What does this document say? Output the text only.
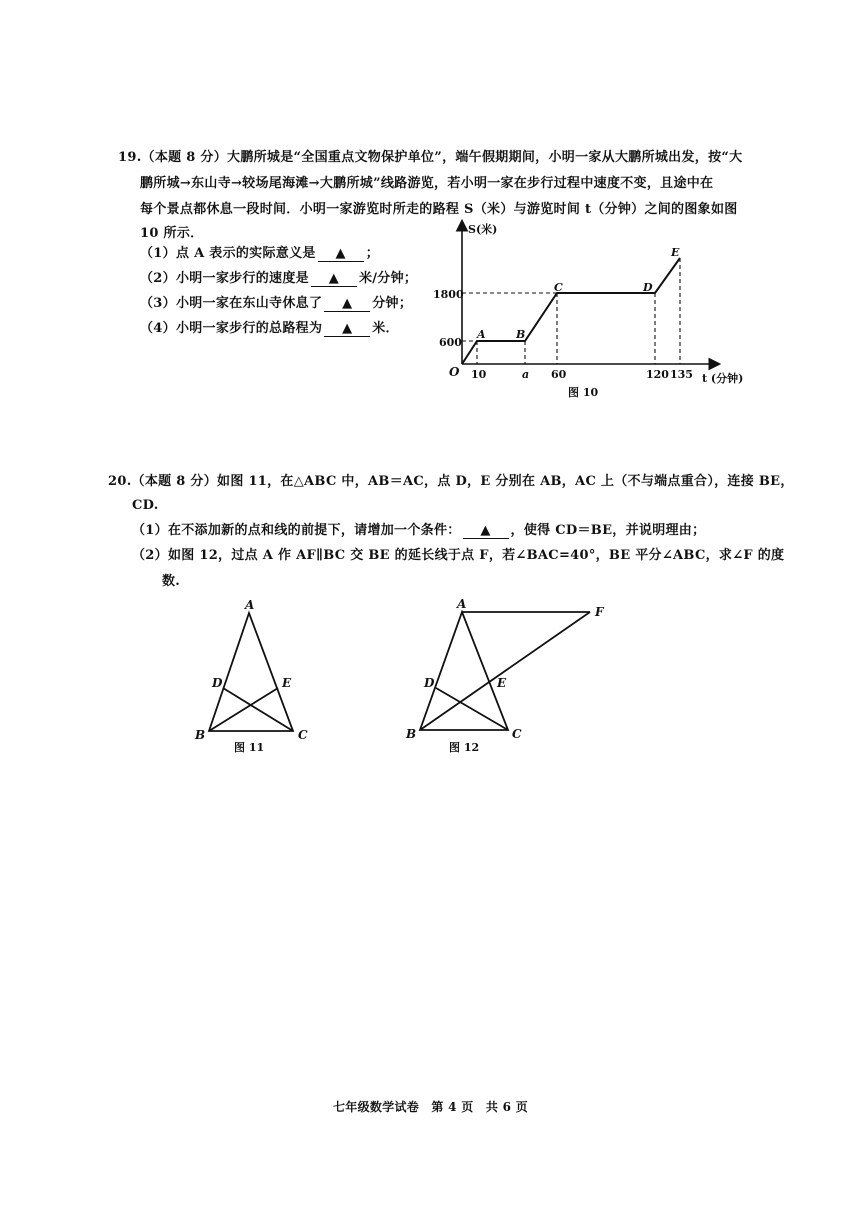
19.（本题 8 分）大鹏所城是“全国重点文物保护单位”，端午假期期间，小明一家从大鹏所城出发，按“大
鹏所城→东山寺→较场尾海滩→大鹏所城”线路游览，若小明一家在步行过程中速度不变，且途中在
每个景点都休息一段时间．小明一家游览时所走的路程 S（米）与游览时间 t（分钟）之间的图象如图
10 所示．
（1）点 A 表示的实际意义是 ▲ ；
（2）小明一家步行的速度是 ▲ 米/分钟；
（3）小明一家在东山寺休息了 ▲ 分钟；
（4）小明一家步行的总路程为 ▲ 米．
S(米)
t (分钟)
O
1800
600
10	a 60	120 135
A	B
C	D
E
图 10
20.（本题 8 分）如图 11，在△ABC 中，AB＝AC，点 D，E 分别在 AB，AC 上（不与端点重合），连接 BE，
CD.
（1）在不添加新的点和线的前提下，请增加一个条件： ▲ ，使得 CD＝BE，并说明理由；
（2）如图 12，过点 A 作 AF∥BC 交 BE 的延长线于点 F，若∠BAC=40°，BE 平分∠ABC，求∠F 的度
数.
A
D	E
B	C
图 11
A
F
D	E
B	C
图 12
七年级数学试卷　第 4 页　共 6 页
